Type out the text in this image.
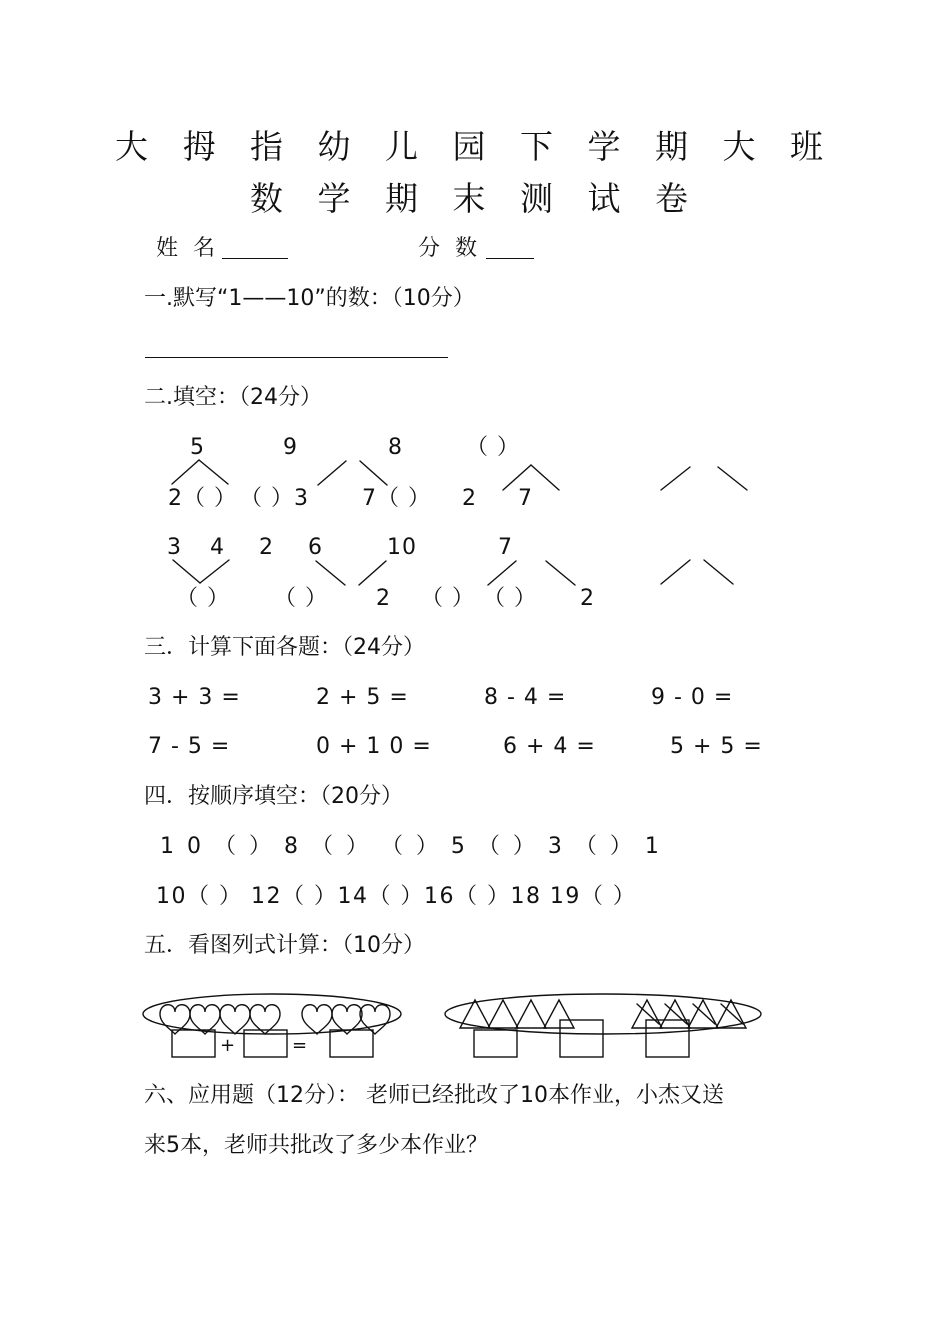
大 拇 指 幼 儿 园 下 学 期 大 班
数 学 期 末 测 试 卷
姓 名	分 数
一.默写“1——10”的数：（10分）
二.填空：（24分）
5	9	8	（ ）
2（ ） （ ）3 7（ ） 2 7
3 4 2 6	10	7
（ ） （ ） 2 （ ） （ ） 2
三．计算下面各题：（24分）
3 + 3 =	2 + 5 =	8 - 4 =	9 - 0 =
7 - 5 =	0 + 1 0 =	6 + 4 =	5 + 5 =
四．按顺序填空：（20分）
1 0 （ ） 8 （ ） （ ） 5 （ ） 3 （ ） 1
10（ ） 12（ ）14（ ）16（ ）18 19（ ）
五．看图列式计算：（10分）
+	=
六、应用题（12分）： 老师已经批改了10本作业，小杰又送
来5本，老师共批改了多少本作业？
